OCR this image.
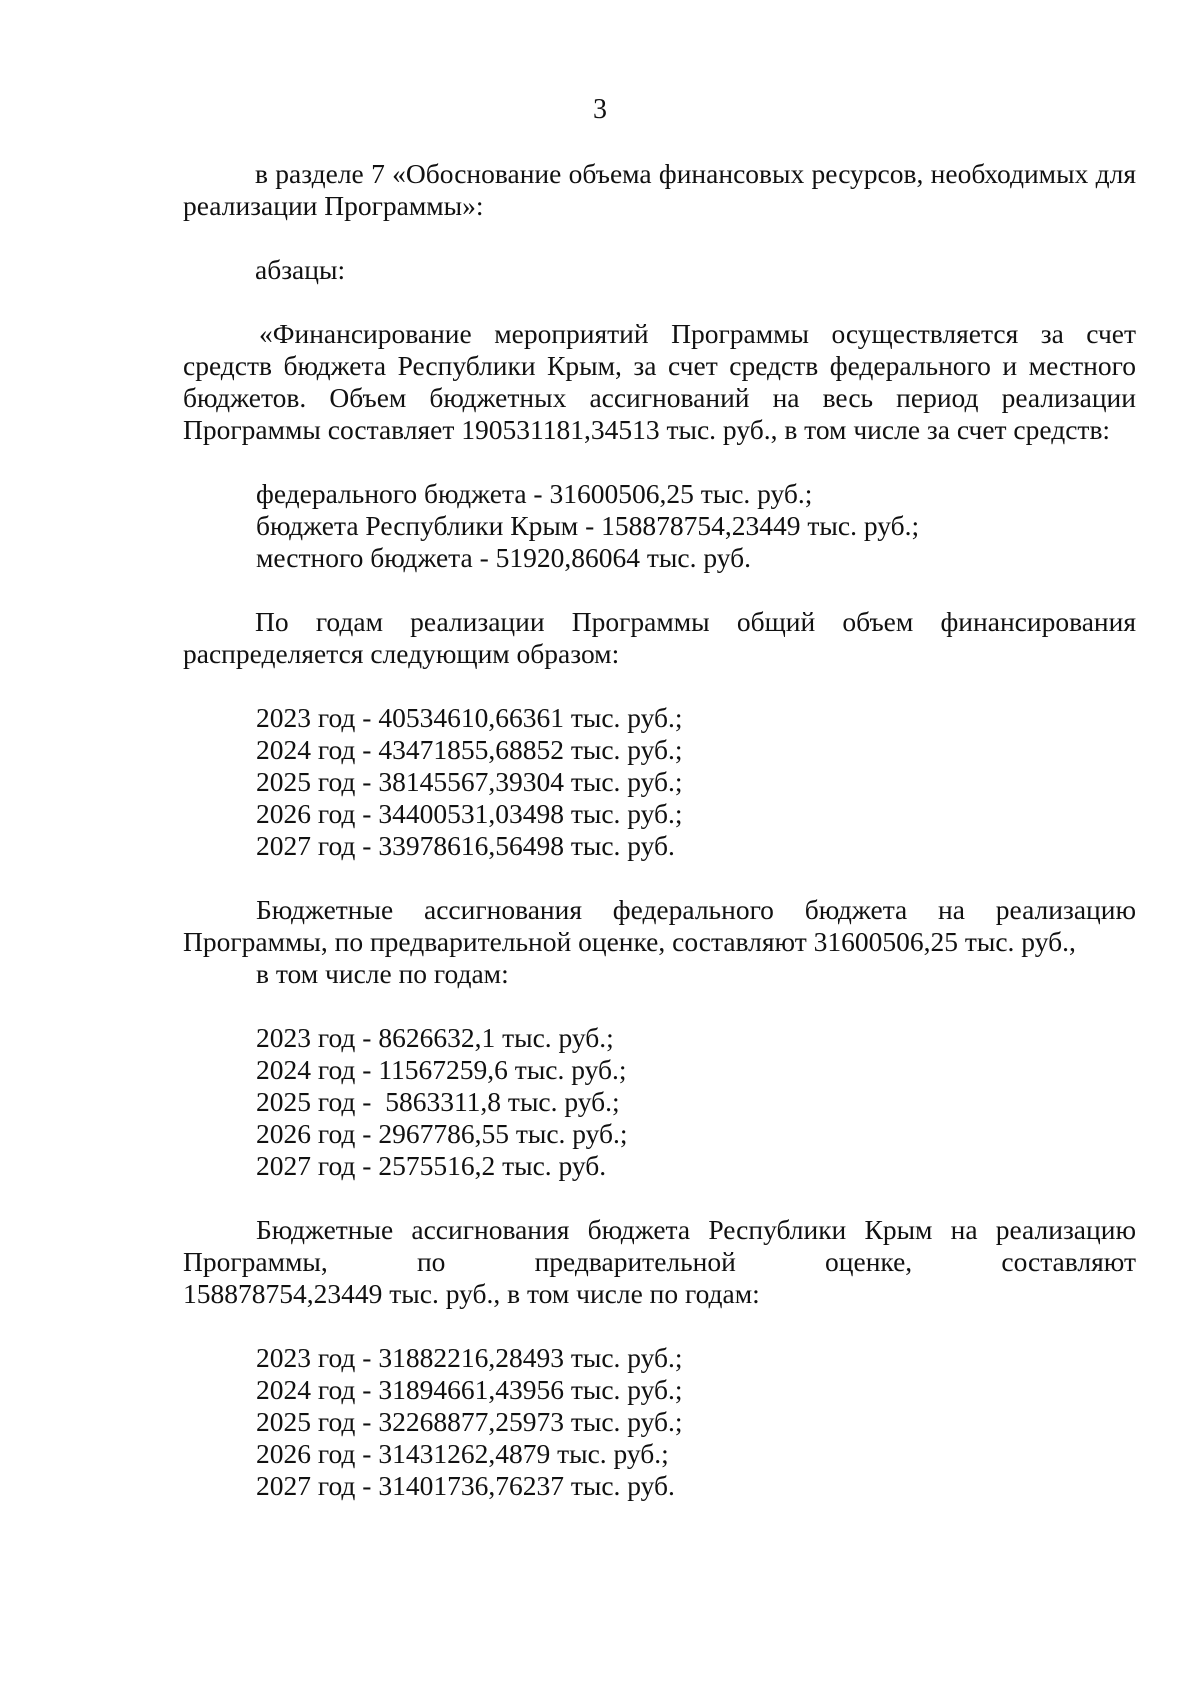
3

в разделе 7 «Обоснование объема финансовых ресурсов, необходимых для реализации Программы»:

абзацы:

«Финансирование мероприятий Программы осуществляется за счет средств бюджета Республики Крым, за счет средств федерального и местного бюджетов. Объем бюджетных ассигнований на весь период реализации Программы составляет 190531181,34513 тыс. руб., в том числе за счет средств:

федерального бюджета - 31600506,25 тыс. руб.;
бюджета Республики Крым - 158878754,23449 тыс. руб.;
местного бюджета - 51920,86064 тыс. руб.

По годам реализации Программы общий объем финансирования распределяется следующим образом:

2023 год - 40534610,66361 тыс. руб.;
2024 год - 43471855,68852 тыс. руб.;
2025 год - 38145567,39304 тыс. руб.;
2026 год - 34400531,03498 тыс. руб.;
2027 год - 33978616,56498 тыс. руб.
Бюджетные ассигнования федерального бюджета на реализацию
Программы, по предварительной оценке, составляют 31600506,25 тыс. руб.,
в том числе по годам:
2023 год - 8626632,1 тыс. руб.;
2024 год - 11567259,6 тыс. руб.;
2025 год -  5863311,8 тыс. руб.;
2026 год - 2967786,55 тыс. руб.;
2027 год - 2575516,2 тыс. руб.
Бюджетные ассигнования бюджета Республики Крым на реализацию
Программы,	по	предварительной	оценке,	составляют
158878754,23449 тыс. руб., в том числе по годам:
2023 год - 31882216,28493 тыс. руб.;
2024 год - 31894661,43956 тыс. руб.;
2025 год - 32268877,25973 тыс. руб.;
2026 год - 31431262,4879 тыс. руб.;
2027 год - 31401736,76237 тыс. руб.
